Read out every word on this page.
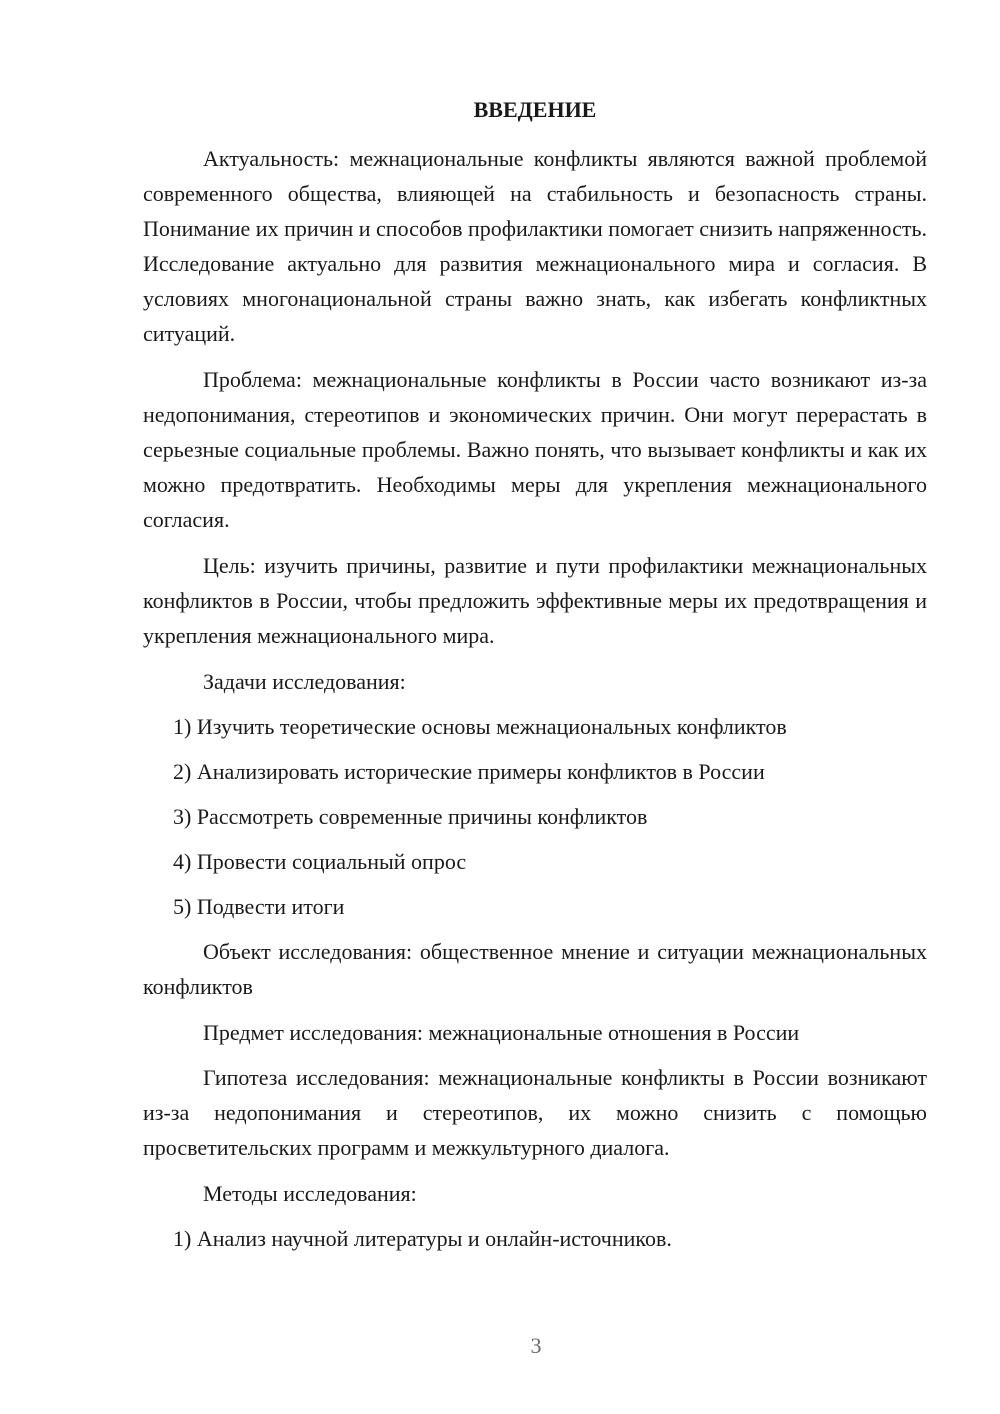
ВВЕДЕНИЕ

Актуальность: межнациональные конфликты являются важной проблемой современного общества, влияющей на стабильность и безопасность страны. Понимание их причин и способов профилактики помогает снизить напряженность. Исследование актуально для развития межнационального мира и согласия. В условиях многонациональной страны важно знать, как избегать конфликтных ситуаций.

Проблема: межнациональные конфликты в России часто возникают из-за недопонимания, стереотипов и экономических причин. Они могут перерастать в серьезные социальные проблемы. Важно понять, что вызывает конфликты и как их можно предотвратить. Необходимы меры для укрепления межнационального согласия.

Цель: изучить причины, развитие и пути профилактики межнациональных конфликтов в России, чтобы предложить эффективные меры их предотвращения и укрепления межнационального мира.

Задачи исследования:
1) Изучить теоретические основы межнациональных конфликтов
2) Анализировать исторические примеры конфликтов в России
3) Рассмотреть современные причины конфликтов
4) Провести социальный опрос
5) Подвести итоги

Объект исследования: общественное мнение и ситуации межнациональных конфликтов

Предмет исследования: межнациональные отношения в России

Гипотеза исследования: межнациональные конфликты в России возникают из-за недопонимания и стереотипов, их можно снизить с помощью просветительских программ и межкультурного диалога.

Методы исследования:
1) Анализ научной литературы и онлайн-источников.
3
